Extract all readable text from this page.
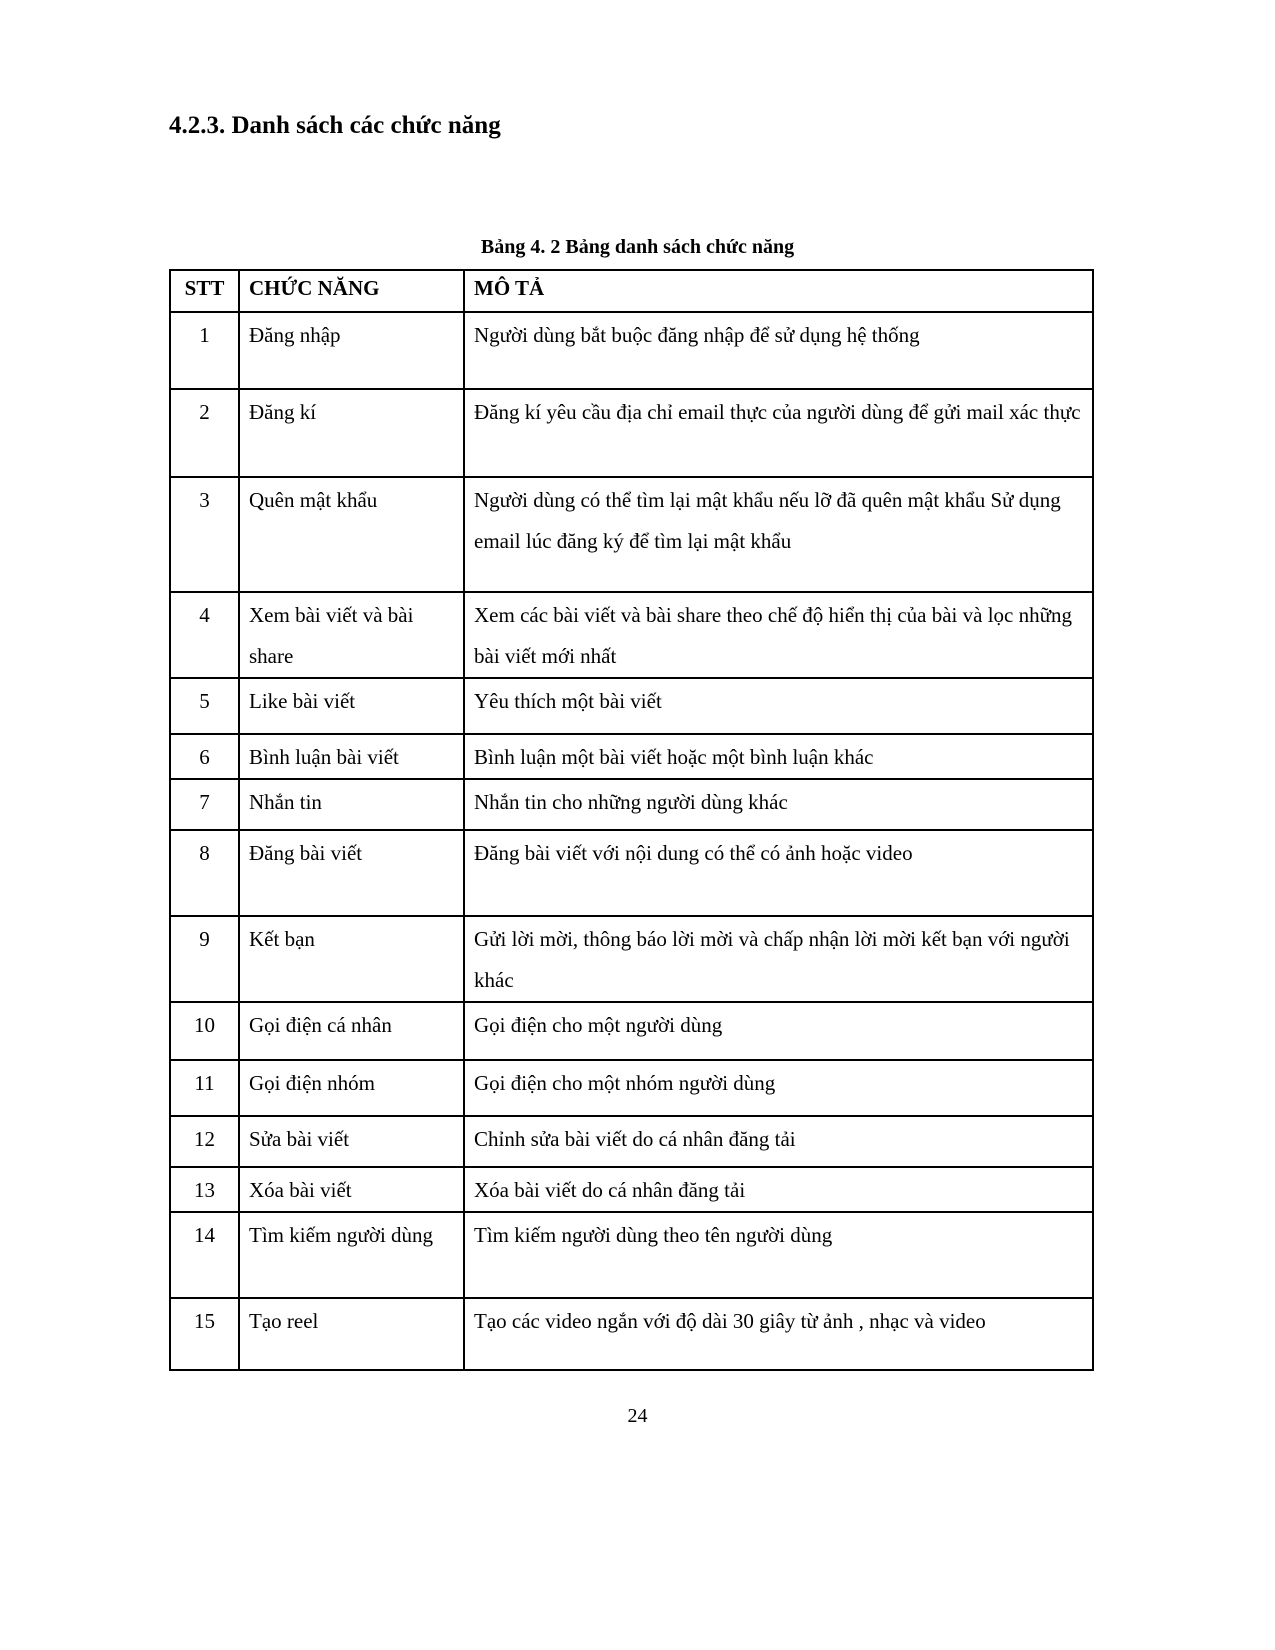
4.2.3. Danh sách các chức năng
Bảng 4. 2 Bảng danh sách chức năng
STT	CHỨC NĂNG	MÔ TẢ
1	Đăng nhập	Người dùng bắt buộc đăng nhập để sử dụng hệ thống
2	Đăng kí	Đăng kí yêu cầu địa chỉ email thực của người dùng để gửi mail xác thực
3	Quên mật khẩu	Người dùng có thể tìm lại mật khẩu nếu lỡ đã quên mật khẩu Sử dụng email lúc đăng ký để tìm lại mật khẩu
4	Xem bài viết và bài share	Xem các bài viết và bài share theo chế độ hiển thị của bài và lọc những bài viết mới nhất
5	Like bài viết	Yêu thích một bài viết
6	Bình luận bài viết	Bình luận một bài viết hoặc một bình luận khác
7	Nhắn tin	Nhắn tin cho những người dùng khác
8	Đăng bài viết	Đăng bài viết với nội dung có thể có ảnh hoặc video
9	Kết bạn	Gửi lời mời, thông báo lời mời và chấp nhận lời mời kết bạn với người khác
10	Gọi điện cá nhân	Gọi điện cho một người dùng
11	Gọi điện nhóm	Gọi điện cho một nhóm người dùng
12	Sửa bài viết	Chỉnh sửa bài viết do cá nhân đăng tải
13	Xóa bài viết	Xóa bài viết do cá nhân đăng tải
14	Tìm kiếm người dùng	Tìm kiếm người dùng theo tên người dùng
15	Tạo reel	Tạo các video ngắn với độ dài 30 giây từ ảnh , nhạc và video
24
